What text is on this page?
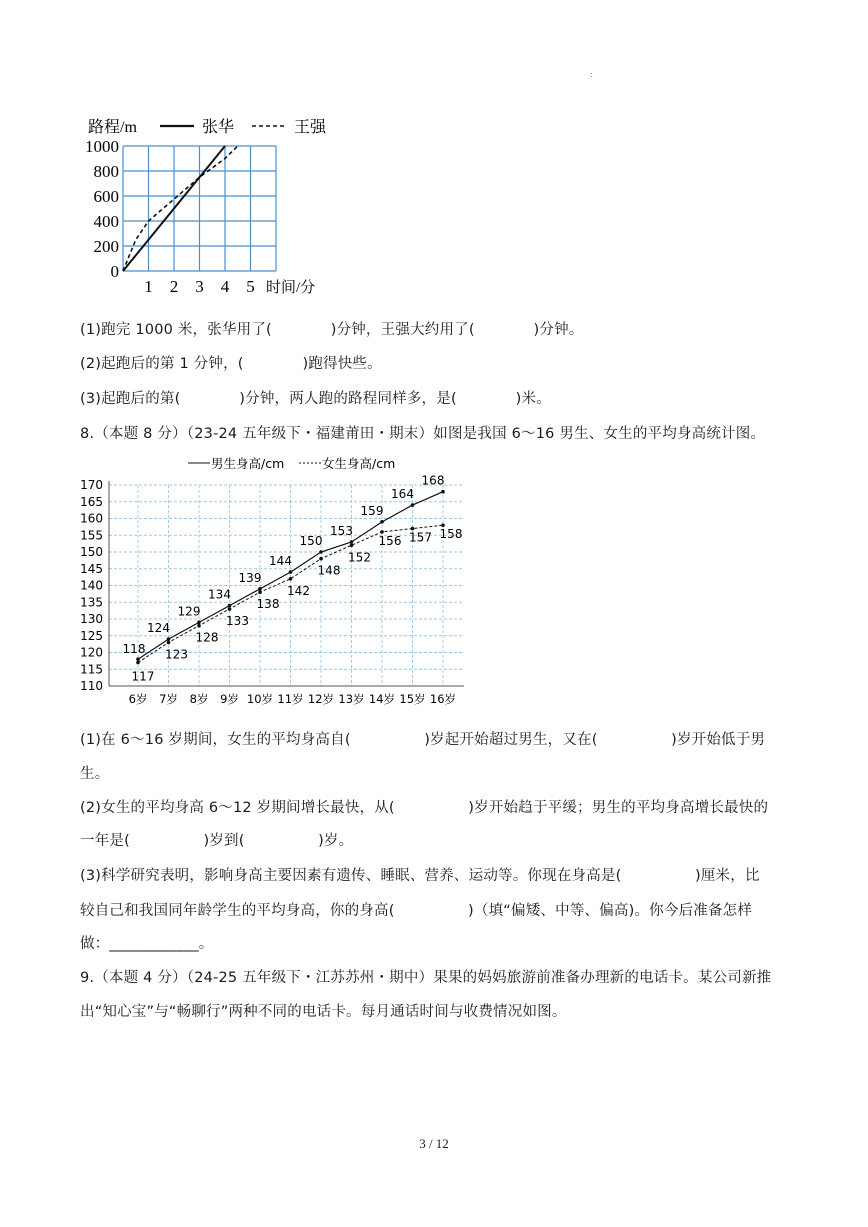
:
0
200
400
600
800
1000
1 2 3 4 5
张华	王强
路程/m
时间/分
(1)跑完 1000 米，张华用了(　　　　)分钟，王强大约用了(　　　　)分钟。
(2)起跑后的第 1 分钟，(　　　　)跑得快些。
(3)起跑后的第(　　　　)分钟，两人跑的路程同样多，是(　　　　)米。
8.（本题 8 分）（23-24 五年级下・福建莆田・期末）如图是我国 6～16 男生、女生的平均身高统计图。
110
115
120
125
130
135
140
145
150
155
160
165
170
6岁 7岁 8岁 9岁 10岁 11岁 12岁 13岁 14岁 15岁 16岁
118
124
129
134
139
144
150
153
159
164
168
117
123
128
133
138
142
148
152
156 157 158
男生身高/cm	女生身高/cm
(1)在 6～16 岁期间，女生的平均身高自(　　　　　)岁起开始超过男生，又在(　　　　　)岁开始低于男
生。
(2)女生的平均身高 6～12 岁期间增长最快，从(　　　　　)岁开始趋于平缓；男生的平均身高增长最快的
一年是(　　　　　)岁到(　　　　　)岁。
(3)科学研究表明，影响身高主要因素有遗传、睡眠、营养、运动等。你现在身高是(　　　　　)厘米，比
较自己和我国同年龄学生的平均身高，你的身高(　　　　　)（填“偏矮、中等、偏高)。你今后准备怎样
做：____________。
9.（本题 4 分）（24-25 五年级下・江苏苏州・期中）果果的妈妈旅游前准备办理新的电话卡。某公司新推
出“知心宝”与“畅聊行”两种不同的电话卡。每月通话时间与收费情况如图。
3 / 12
